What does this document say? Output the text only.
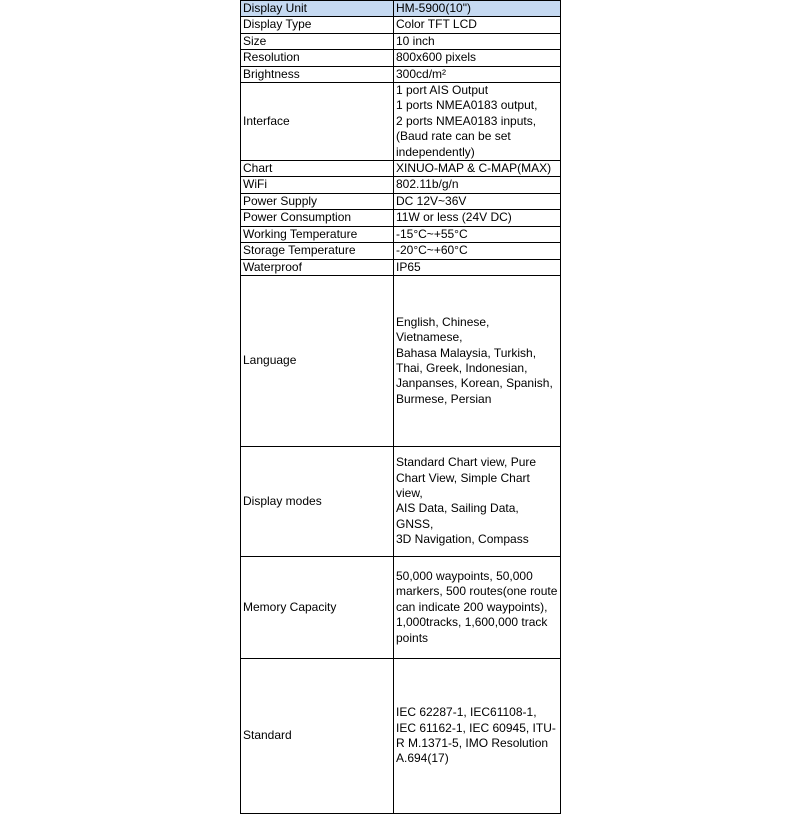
Display Unit	HM-5900(10")
Display Type	Color TFT LCD
Size	10 inch
Resolution	800x600 pixels
Brightness	300cd/m²
Interface	1 port AIS Output
1 ports NMEA0183 output,
2 ports NMEA0183 inputs,
(Baud rate can be set
independently)
Chart	XINUO-MAP & C-MAP(MAX)
WiFi	802.11b/g/n
Power Supply	DC 12V~36V
Power Consumption	11W or less (24V DC)
Working Temperature	-15°C~+55°C
Storage Temperature	-20°C~+60°C
Waterproof	IP65
Language	English, Chinese, Vietnamese,
Bahasa Malaysia, Turkish,
Thai, Greek, Indonesian,
Janpanses, Korean, Spanish,
Burmese, Persian
Display modes	Standard Chart view, Pure
Chart View, Simple Chart view,
AIS Data, Sailing Data, GNSS,
3D Navigation, Compass
Memory Capacity	50,000 waypoints, 50,000
markers, 500 routes(one route
can indicate 200 waypoints),
1,000tracks, 1,600,000 track
points
Standard	IEC 62287-1, IEC61108-1,
IEC 61162-1, IEC 60945, ITU-
R M.1371-5, IMO Resolution
A.694(17)
